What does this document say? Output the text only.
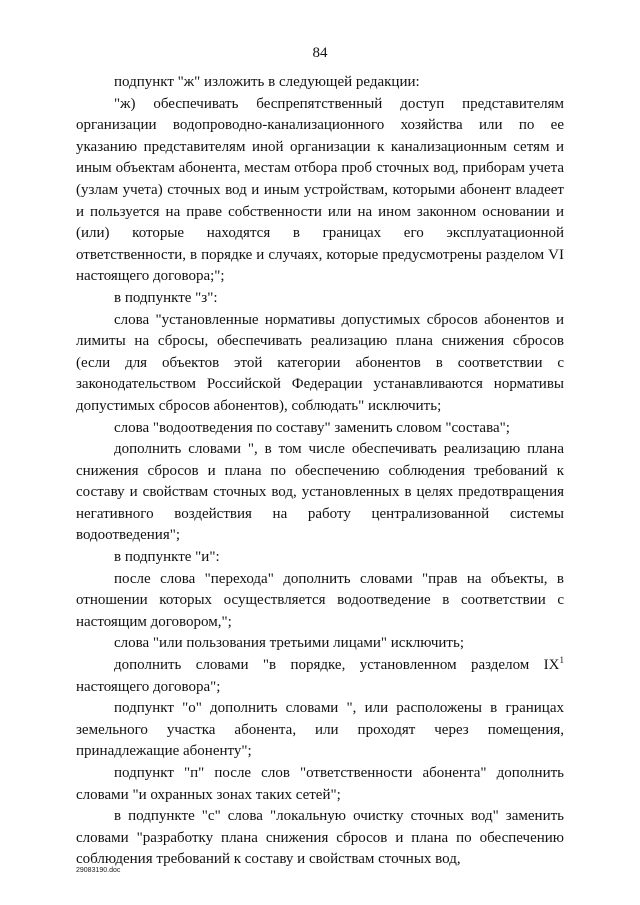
84

подпункт "ж" изложить в следующей редакции:

"ж) обеспечивать беспрепятственный доступ представителям организации водопроводно-канализационного хозяйства или по ее указанию представителям иной организации к канализационным сетям и иным объектам абонента, местам отбора проб сточных вод, приборам учета (узлам учета) сточных вод и иным устройствам, которыми абонент владеет и пользуется на праве собственности или на ином законном основании и (или) которые находятся в границах его эксплуатационной ответственности, в порядке и случаях, которые предусмотрены разделом VI настоящего договора;";

в подпункте "з":

слова "установленные нормативы допустимых сбросов абонентов и лимиты на сбросы, обеспечивать реализацию плана снижения сбросов (если для объектов этой категории абонентов в соответствии с законодательством Российской Федерации устанавливаются нормативы допустимых сбросов абонентов), соблюдать" исключить;

слова "водоотведения по составу" заменить словом "состава";

дополнить словами ", в том числе обеспечивать реализацию плана снижения сбросов и плана по обеспечению соблюдения требований к составу и свойствам сточных вод, установленных в целях предотвращения негативного воздействия на работу централизованной системы водоотведения";

в подпункте "и":

после слова "перехода" дополнить словами "прав на объекты, в отношении которых осуществляется водоотведение в соответствии с настоящим договором,";

слова "или пользования третьими лицами" исключить;

дополнить словами "в порядке, установленном разделом $IX^1$ настоящего договора";

подпункт "о" дополнить словами ", или расположены в границах земельного участка абонента, или проходят через помещения, принадлежащие абоненту";

подпункт "п" после слов "ответственности абонента" дополнить словами "и охранных зонах таких сетей";

в подпункте "с" слова "локальную очистку сточных вод" заменить словами "разработку плана снижения сбросов и плана по обеспечению соблюдения требований к составу и свойствам сточных вод,

29083190.doc
